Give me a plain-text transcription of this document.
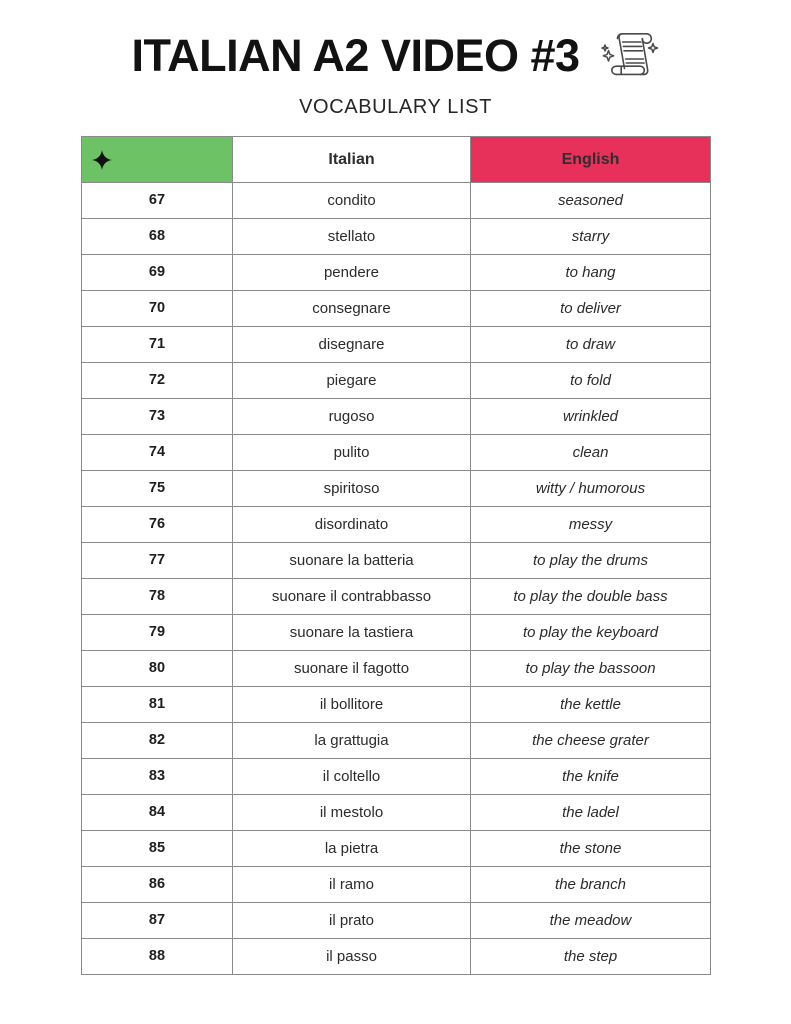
ITALIAN A2 VIDEO #3
VOCABULARY LIST
	Italian	English
67	condito	seasoned
68	stellato	starry
69	pendere	to hang
70	consegnare	to deliver
71	disegnare	to draw
72	piegare	to fold
73	rugoso	wrinkled
74	pulito	clean
75	spiritoso	witty / humorous
76	disordinato	messy
77	suonare la batteria	to play the drums
78	suonare il contrabbasso	to play the double bass
79	suonare la tastiera	to play the keyboard
80	suonare il fagotto	to play the bassoon
81	il bollitore	the kettle
82	la grattugia	the cheese grater
83	il coltello	the knife
84	il mestolo	the ladel
85	la pietra	the stone
86	il ramo	the branch
87	il prato	the meadow
88	il passo	the step
